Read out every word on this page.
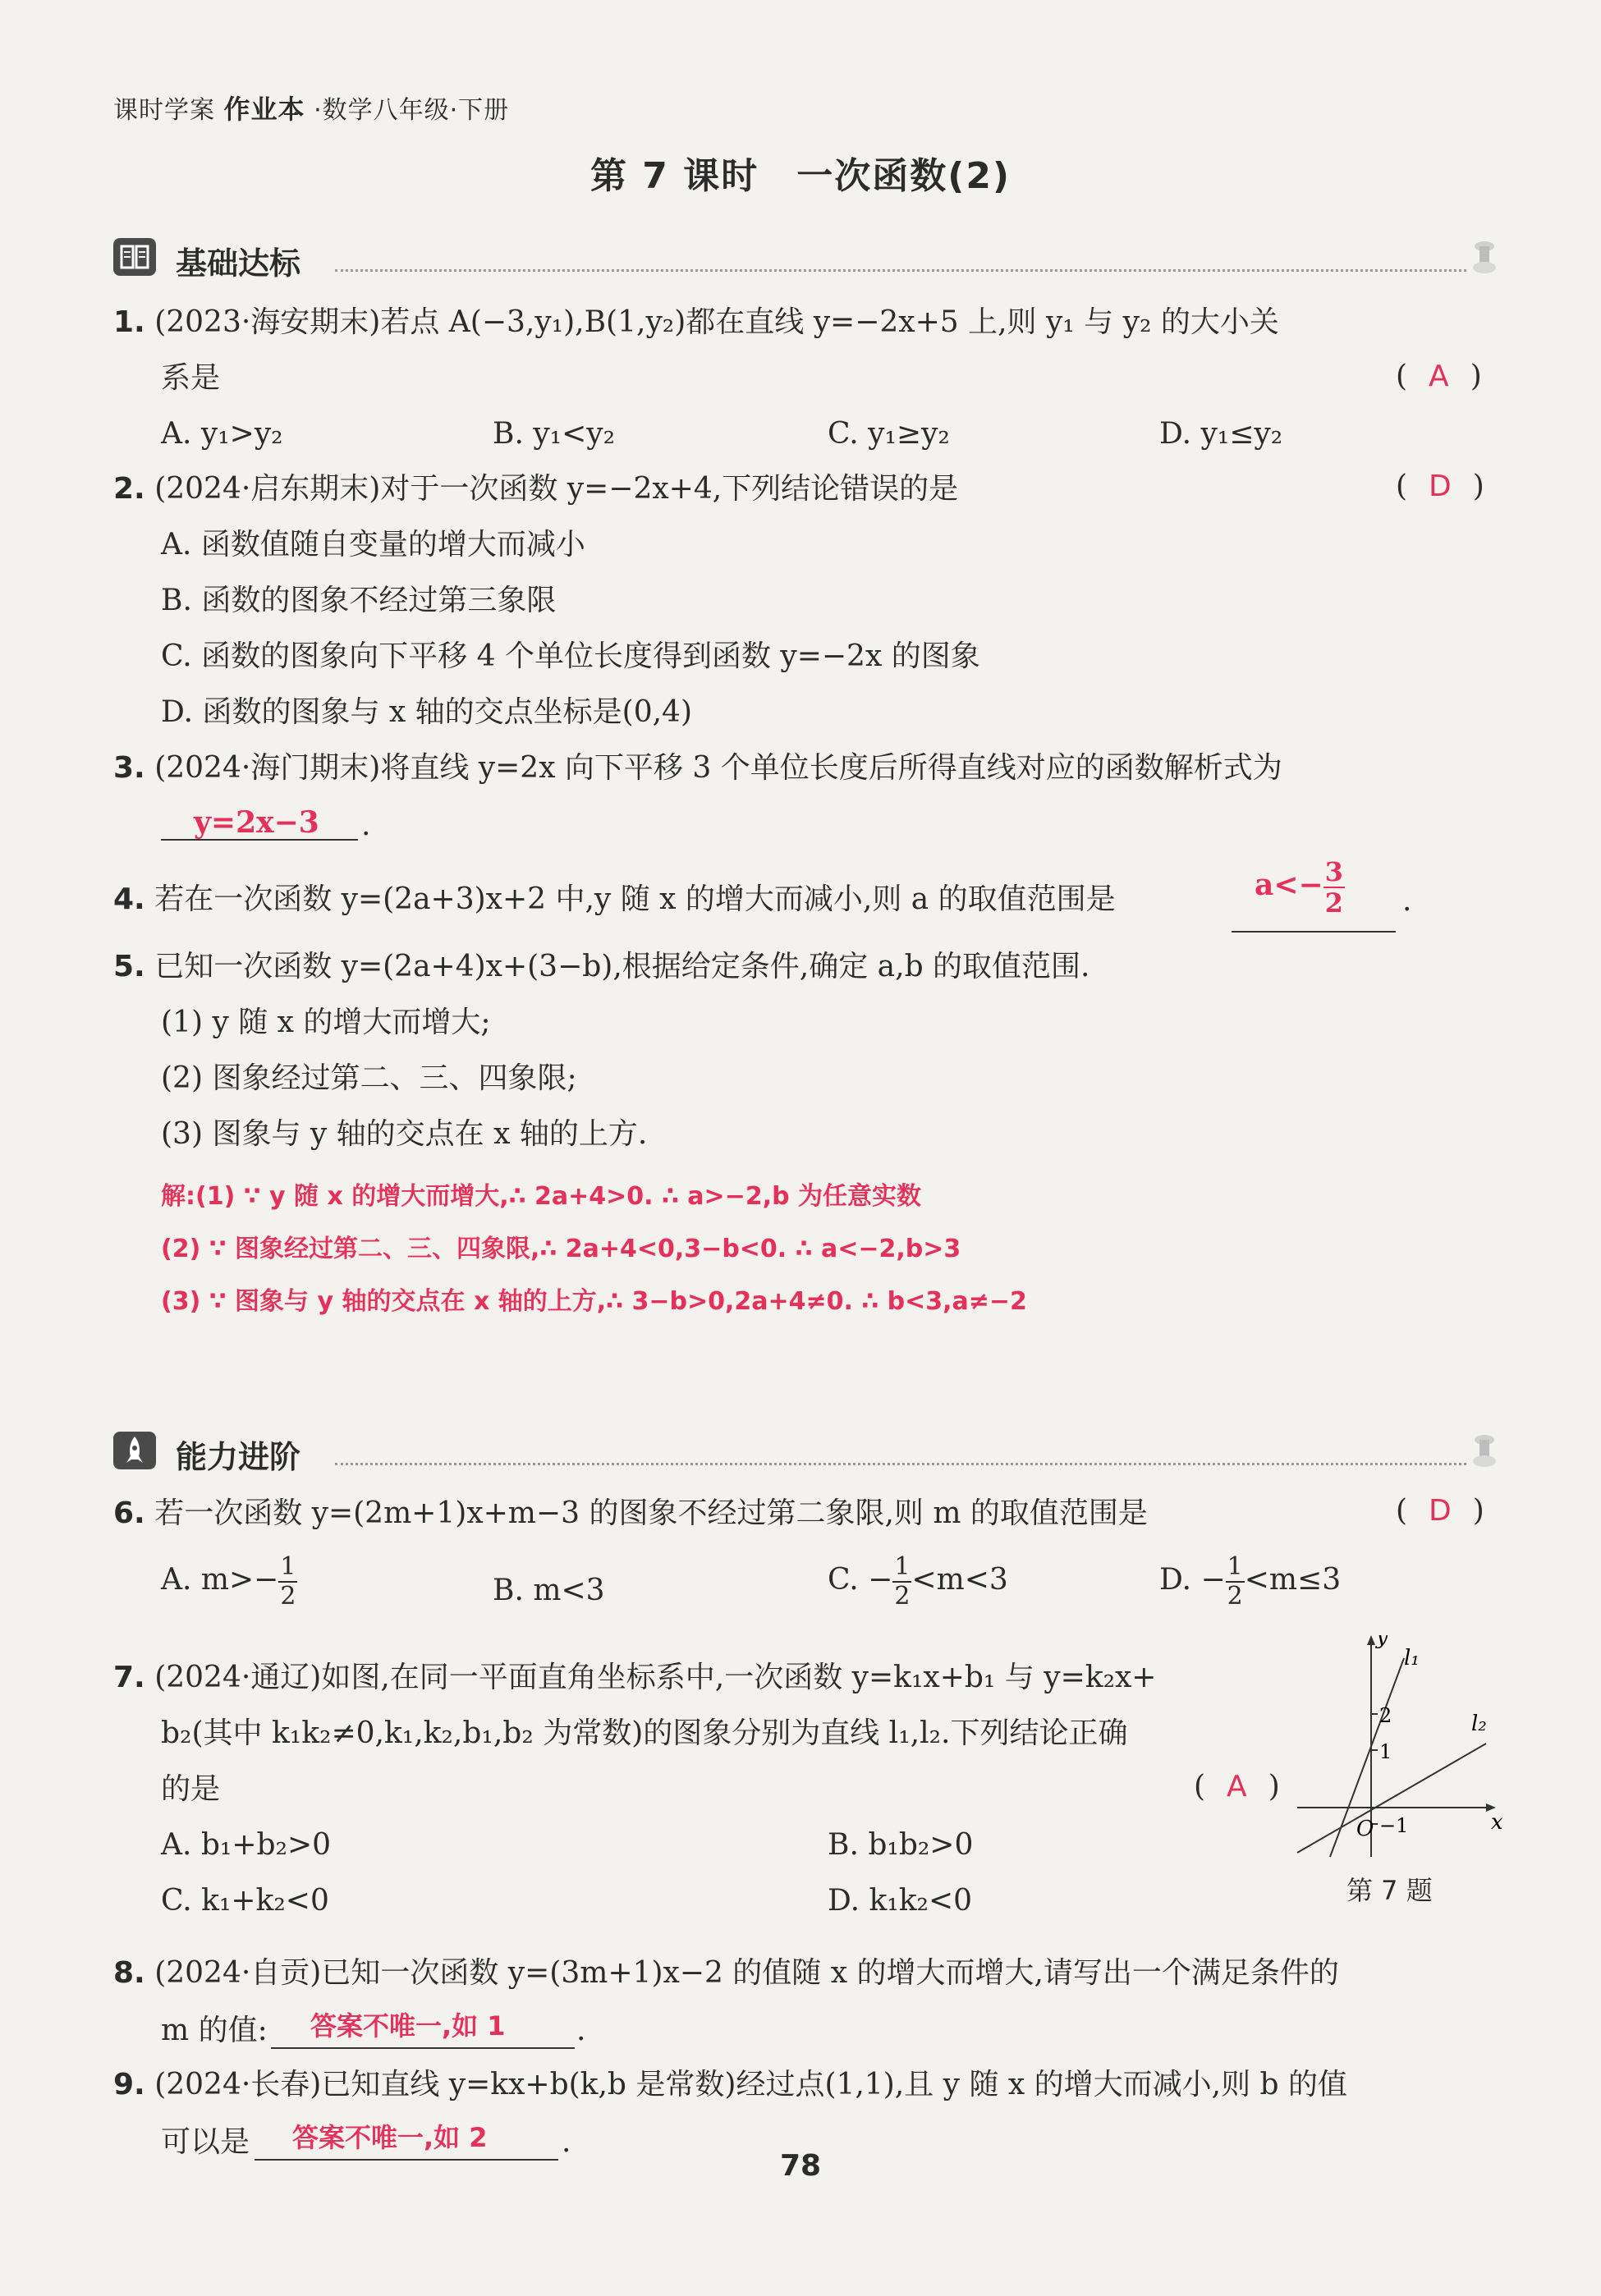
课时学案 作业本 ·数学八年级·下册
第 7 课时　一次函数(2)
基础达标
1. (2023·海安期末)若点 A(−3,y₁),B(1,y₂)都在直线 y=−2x+5 上,则 y₁ 与 y₂ 的大小关
系是	( A )
A. y₁>y₂	B. y₁<y₂	C. y₁≥y₂	D. y₁≤y₂
2. (2024·启东期末)对于一次函数 y=−2x+4,下列结论错误的是	( D )
A. 函数值随自变量的增大而减小
B. 函数的图象不经过第三象限
C. 函数的图象向下平移 4 个单位长度得到函数 y=−2x 的图象
D. 函数的图象与 x 轴的交点坐标是(0,4)
3. (2024·海门期末)将直线 y=2x 向下平移 3 个单位长度后所得直线对应的函数解析式为
y=2x−3 .
4. 若在一次函数 y=(2a+3)x+2 中,y 随 x 的增大而减小,则 a 的取值范围是	$a<- \frac{3}{2}$ .
5. 已知一次函数 y=(2a+4)x+(3−b),根据给定条件,确定 a,b 的取值范围.
(1) y 随 x 的增大而增大;
(2) 图象经过第二、三、四象限;
(3) 图象与 y 轴的交点在 x 轴的上方.
解:(1) ∵ y 随 x 的增大而增大,∴ 2a+4>0. ∴ a>−2,b 为任意实数
(2) ∵ 图象经过第二、三、四象限,∴ 2a+4<0,3−b<0. ∴ a<−2,b>3
(3) ∵ 图象与 y 轴的交点在 x 轴的上方,∴ 3−b>0,2a+4≠0. ∴ b<3,a≠−2
能力进阶
6. 若一次函数 y=(2m+1)x+m−3 的图象不经过第二象限,则 m 的取值范围是	( D )
A. $m>- \frac{1}{2}$	B. m<3	C. − $\frac{1}{2} <m<3$	D. − $\frac{1}{2} <m\le 3$
7. (2024·通辽)如图,在同一平面直角坐标系中,一次函数 y=k₁x+b₁ 与 y=k₂x+
b₂(其中 k₁k₂≠0,k₁,k₂,b₁,b₂ 为常数)的图象分别为直线 l₁,l₂.下列结论正确
的是	( A )
A. b₁+b₂>0	B. b₁b₂>0
C. k₁+k₂<0	D. k₁k₂<0
y
x
O
l₁
l₂
2
1
−1
第 7 题
8. (2024·自贡)已知一次函数 y=(3m+1)x−2 的值随 x 的增大而增大,请写出一个满足条件的
m 的值: 答案不唯一,如 1 .
9. (2024·长春)已知直线 y=kx+b(k,b 是常数)经过点(1,1),且 y 随 x 的增大而减小,则 b 的值
可以是 答案不唯一,如 2	.
78
